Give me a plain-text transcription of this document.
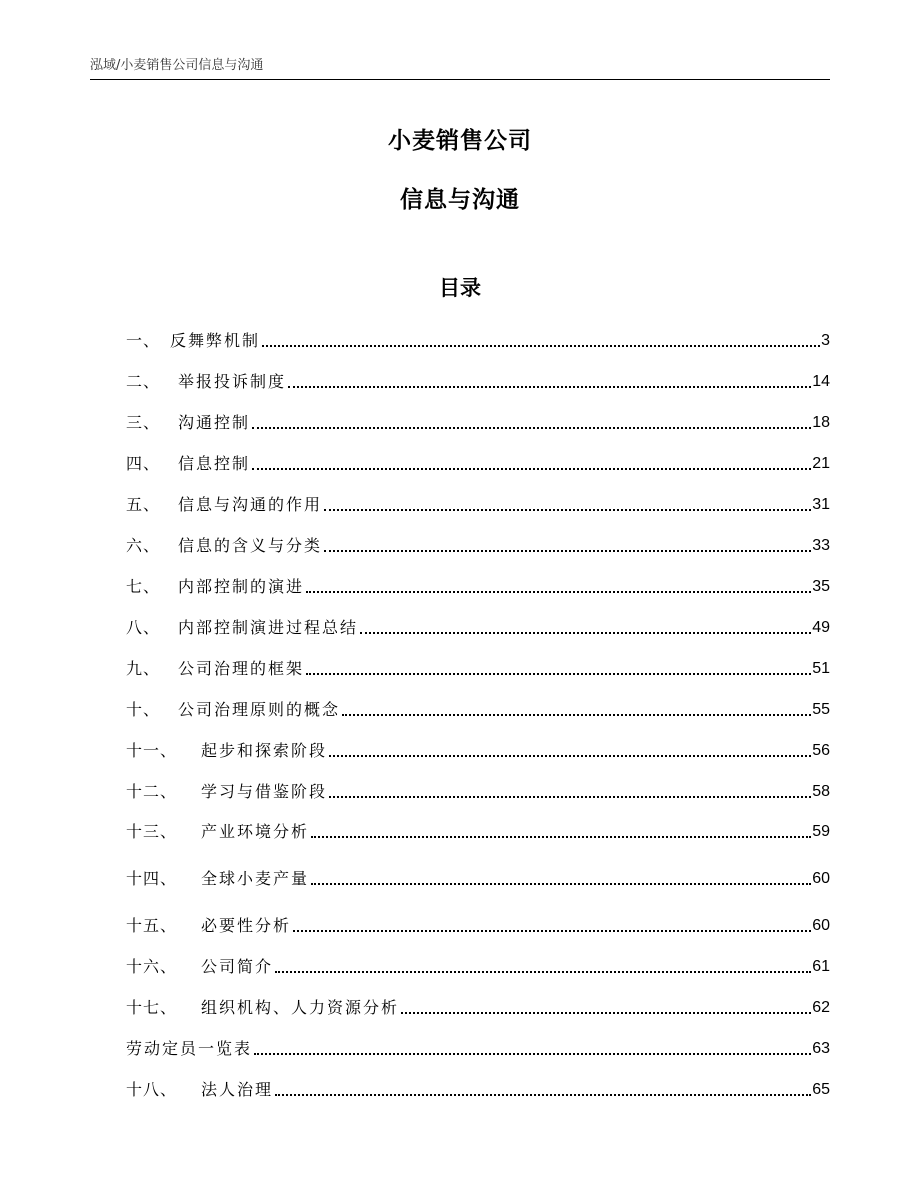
泓域/小麦销售公司信息与沟通
小麦销售公司
信息与沟通
目录
一、 反舞弊机制	3
二、 举报投诉制度	14
三、 沟通控制	18
四、 信息控制	21
五、 信息与沟通的作用	31
六、 信息的含义与分类	33
七、 内部控制的演进	35
八、 内部控制演进过程总结	49
九、 公司治理的框架	51
十、 公司治理原则的概念	55
十一、 起步和探索阶段	56
十二、 学习与借鉴阶段	58
十三、 产业环境分析	59
十四、 全球小麦产量	60
十五、 必要性分析	60
十六、 公司简介	61
十七、 组织机构、人力资源分析	62
劳动定员一览表	63
十八、 法人治理	65
